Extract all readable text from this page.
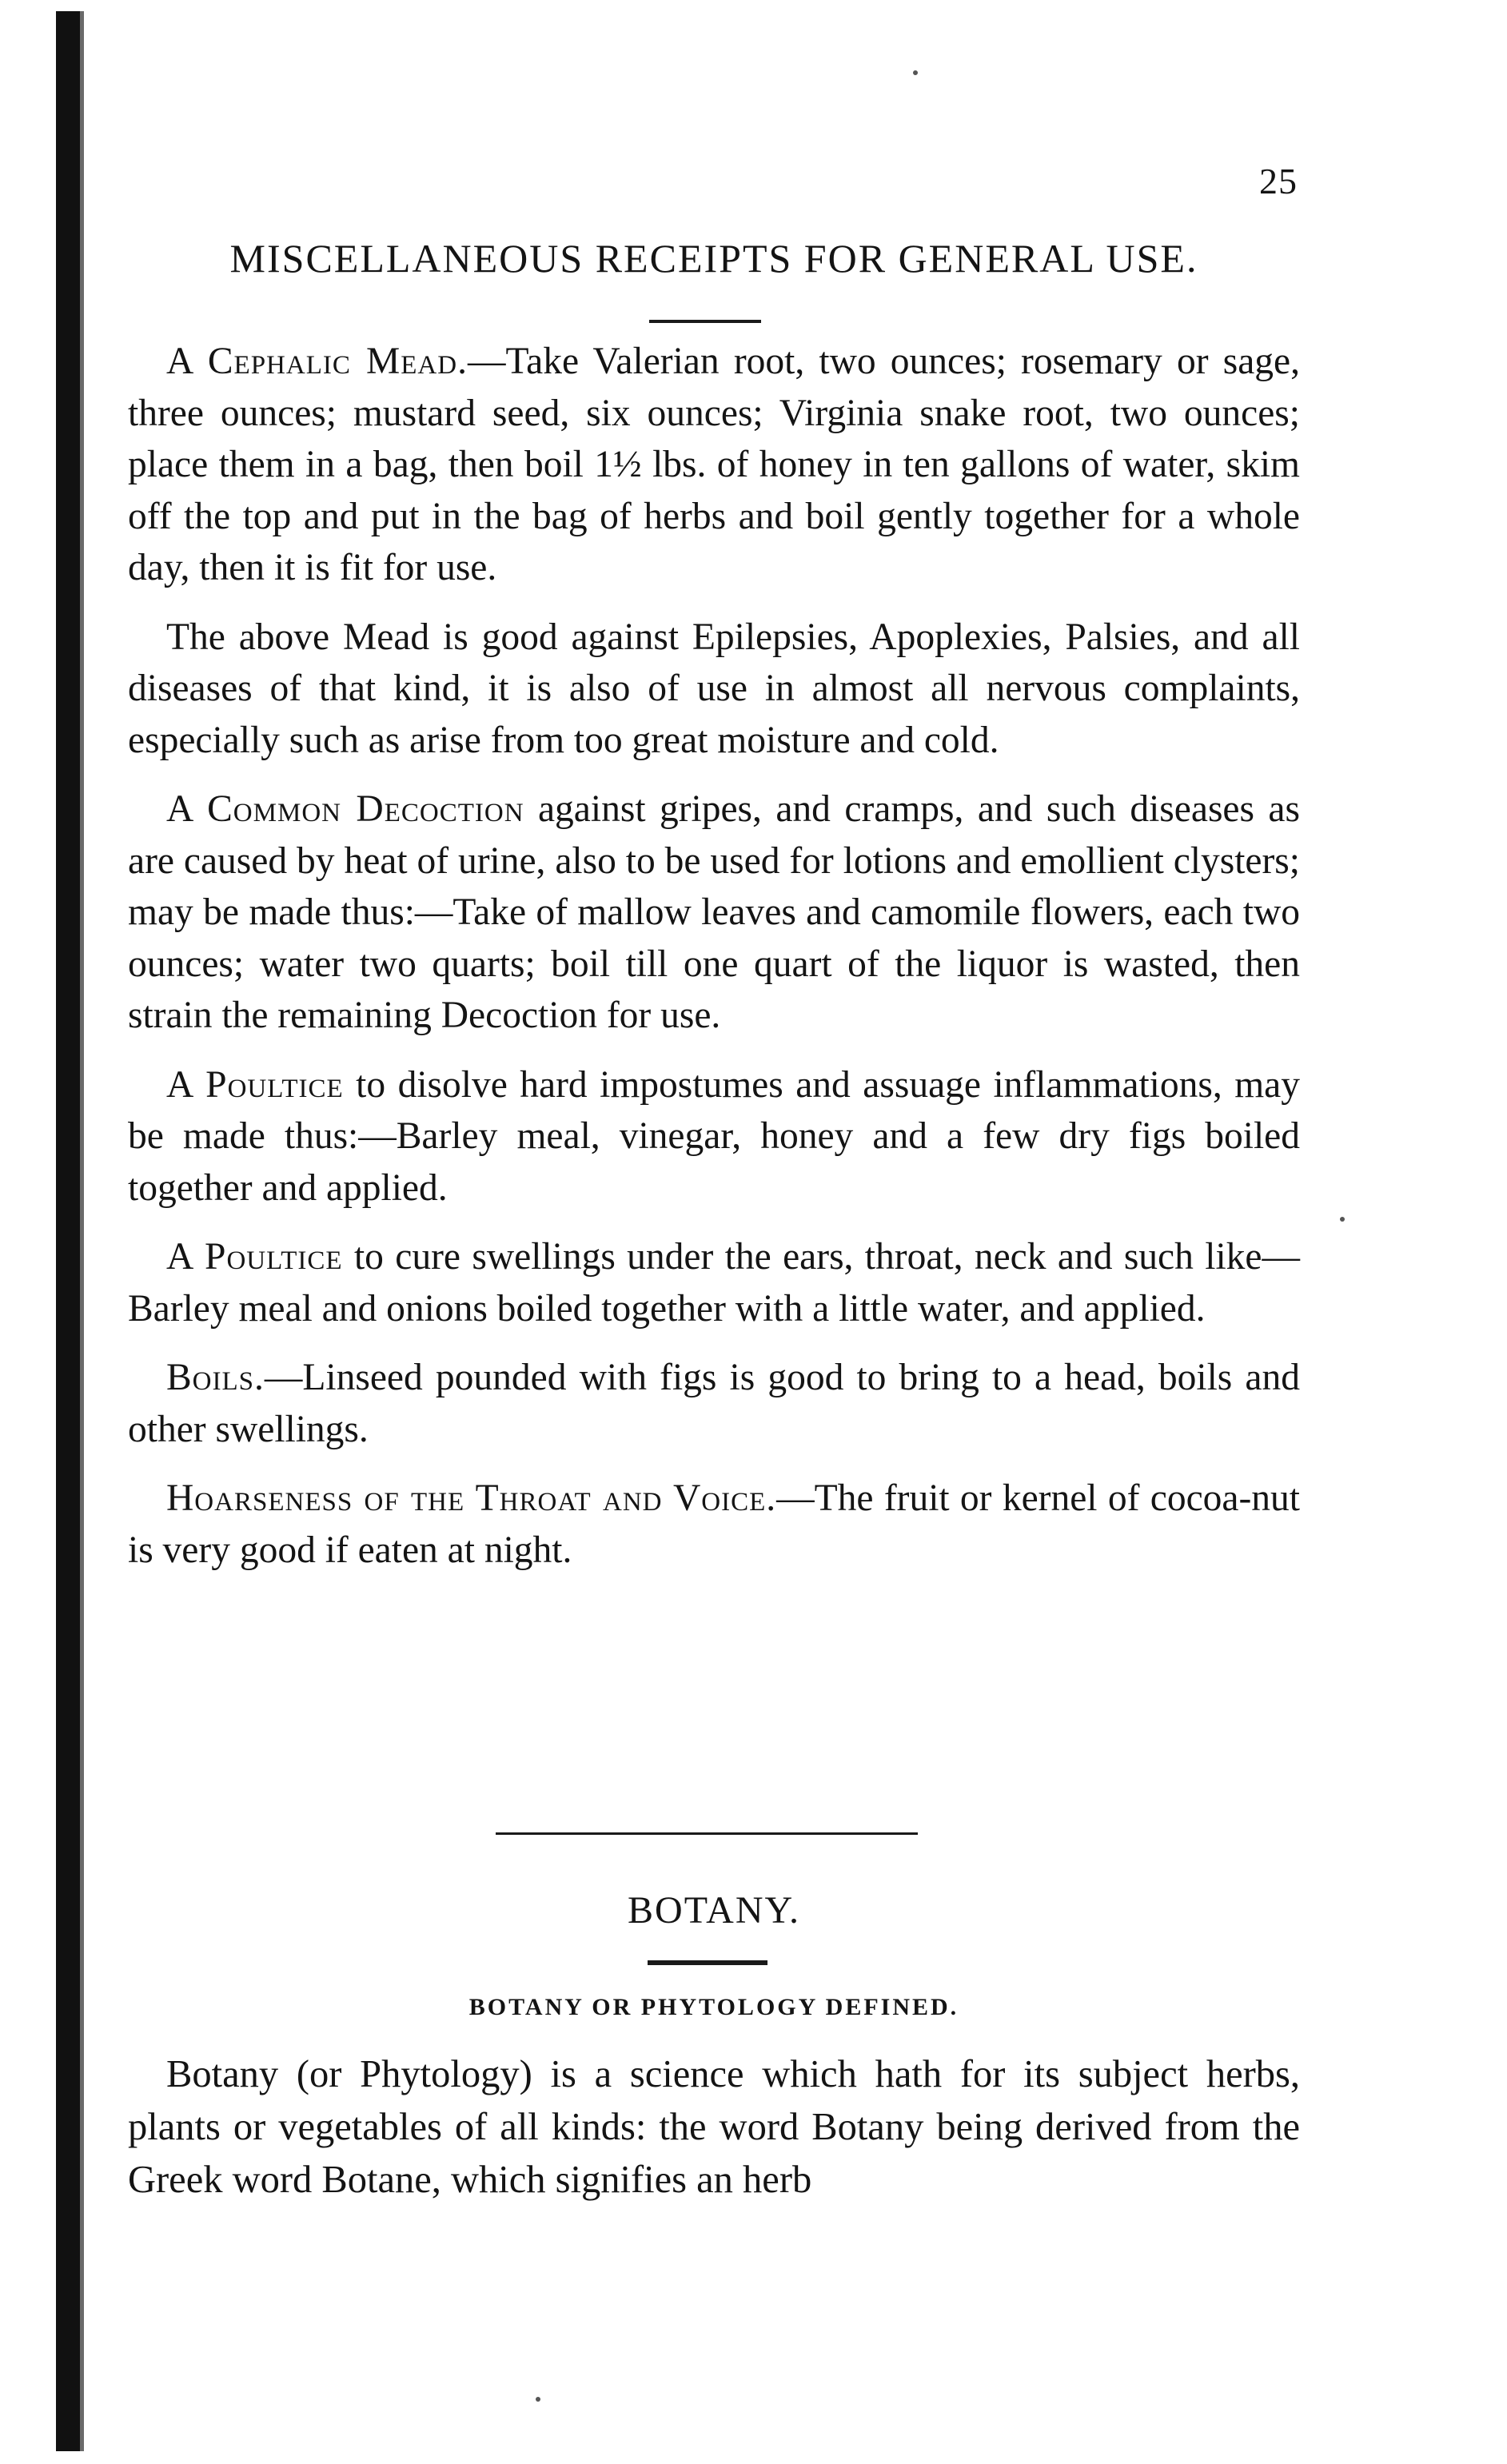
25
MISCELLANEOUS RECEIPTS FOR GENERAL USE.

A Cephalic Mead.—Take Valerian root, two ounces; rosemary or sage, three ounces; mustard seed, six ounces; Virginia snake root, two ounces; place them in a bag, then boil 1½ lbs. of honey in ten gallons of water, skim off the top and put in the bag of herbs and boil gently together for a whole day, then it is fit for use.

The above Mead is good against Epilepsies, Apoplexies, Palsies, and all diseases of that kind, it is also of use in almost all nervous complaints, especially such as arise from too great moisture and cold.

A Common Decoction against gripes, and cramps, and such diseases as are caused by heat of urine, also to be used for lotions and emollient clysters; may be made thus:—Take of mallow leaves and camomile flowers, each two ounces; water two quarts; boil till one quart of the liquor is wasted, then strain the remaining Decoction for use.

A Poultice to disolve hard impostumes and assuage inflammations, may be made thus:—Barley meal, vinegar, honey and a few dry figs boiled together and applied.

A Poultice to cure swellings under the ears, throat, neck and such like—Barley meal and onions boiled together with a little water, and applied.

Boils.—Linseed pounded with figs is good to bring to a head, boils and other swellings.

Hoarseness of the Throat and Voice.—The fruit or kernel of cocoa-nut is very good if eaten at night.

BOTANY.
BOTANY OR PHYTOLOGY DEFINED.

Botany (or Phytology) is a science which hath for its subject herbs, plants or vegetables of all kinds: the word Botany being derived from the Greek word Botane, which signifies an herb
